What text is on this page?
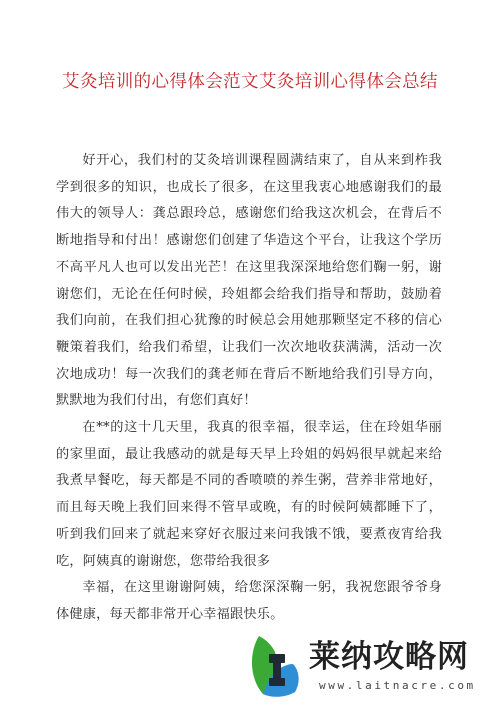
艾灸培训的心得体会范文艾灸培训心得体会总结

好开心，我们村的艾灸培训课程圆满结束了，自从来到柞我学到很多的知识，也成长了很多，在这里我衷心地感谢我们的最伟大的领导人：龚总跟玲总，感谢您们给我这次机会，在背后不断地指导和付出！感谢您们创建了华造这个平台，让我这个学历不高平凡人也可以发出光芒！在这里我深深地给您们鞠一躬，谢谢您们，无论在任何时候，玲姐都会给我们指导和帮助，鼓励着我们向前，在我们担心犹豫的时候总会用她那颗坚定不移的信心鞭策着我们，给我们希望，让我们一次次地收获满满，活动一次次地成功！每一次我们的龚老师在背后不断地给我们引导方向，默默地为我们付出，有您们真好！

在**的这十几天里，我真的很幸福，很幸运，住在玲姐华丽的家里面，最让我感动的就是每天早上玲姐的妈妈很早就起来给我煮早餐吃，每天都是不同的香喷喷的养生粥，营养非常地好，而且每天晚上我们回来得不管早或晚，有的时候阿姨都睡下了，听到我们回来了就起来穿好衣服过来问我饿不饿，要煮夜宵给我吃，阿姨真的谢谢您，您带给我很多

幸福，在这里谢谢阿姨，给您深深鞠一躬，我祝您跟爷爷身体健康，每天都非常开心幸福跟快乐。

莱纳攻略网
www.laitnacre.com
